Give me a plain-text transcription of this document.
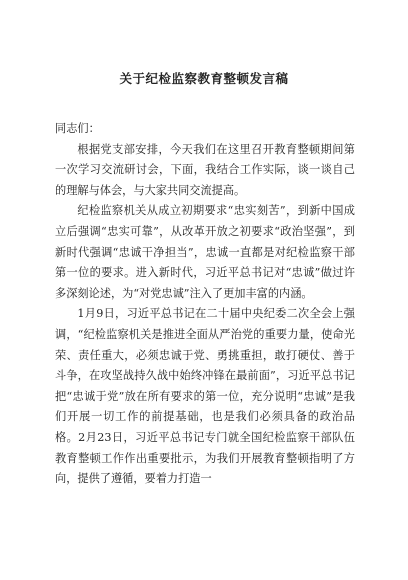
关于纪检监察教育整顿发言稿

同志们：

根据党支部安排，今天我们在这里召开教育整顿期间第一次学习交流研讨会，下面，我结合工作实际，谈一谈自己的理解与体会，与大家共同交流提高。

纪检监察机关从成立初期要求“忠实刻苦”，到新中国成立后强调“忠实可靠”，从改革开放之初要求“政治坚强”，到新时代强调“忠诚干净担当”，忠诚一直都是对纪检监察干部第一位的要求。进入新时代，习近平总书记对“忠诚”做过许多深刻论述，为“对党忠诚”注入了更加丰富的内涵。

1月9日，习近平总书记在二十届中央纪委二次全会上强调，“纪检监察机关是推进全面从严治党的重要力量，使命光荣、责任重大，必须忠诚于党、勇挑重担，敢打硬仗、善于斗争，在攻坚战持久战中始终冲锋在最前面”，习近平总书记把“忠诚于党”放在所有要求的第一位，充分说明“忠诚”是我们开展一切工作的前提基础，也是我们必须具备的政治品格。2月23日，习近平总书记专门就全国纪检监察干部队伍教育整顿工作作出重要批示，为我们开展教育整顿指明了方向，提供了遵循，要着力打造一
